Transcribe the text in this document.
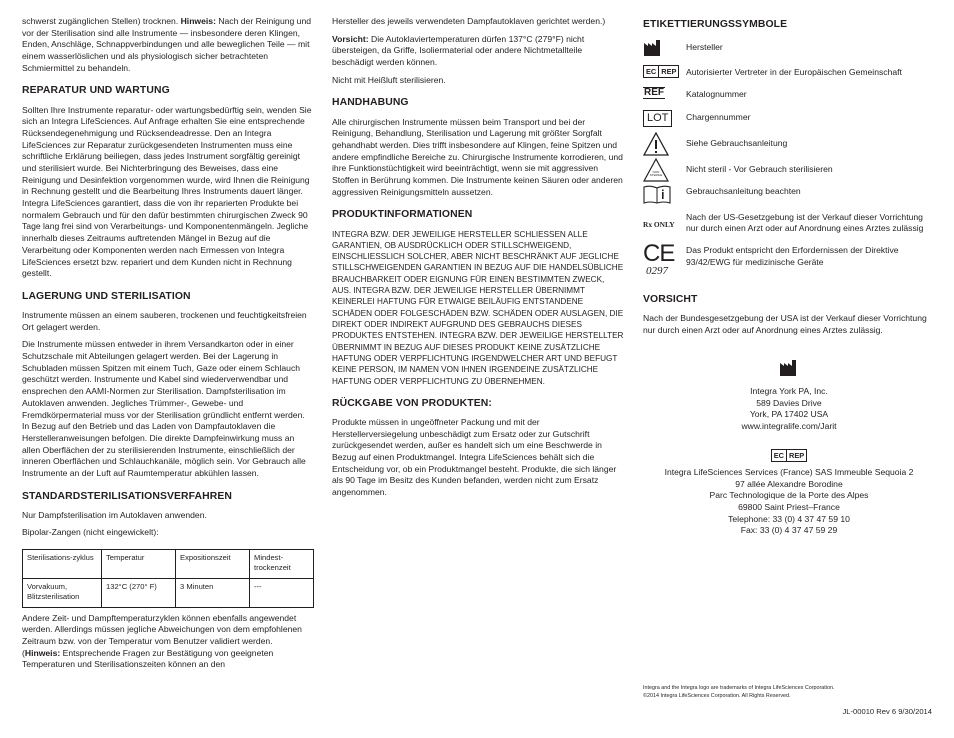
schwerst zugänglichen Stellen) trocknen. Hinweis: Nach der Reinigung und vor der Sterilisation sind alle Instrumente — insbesondere deren Klingen, Enden, Anschläge, Schnappverbindungen und alle beweglichen Teile — mit einem wasserlöslichen und als physiologisch sicher betrachteten Schmiermittel zu behandeln.

REPARATUR UND WARTUNG

Sollten Ihre Instrumente reparatur- oder wartungsbedürftig sein, wenden Sie sich an Integra LifeSciences. Auf Anfrage erhalten Sie eine entsprechende Rücksendegenehmigung und Rücksendeadresse. Den an Integra LifeSciences zur Reparatur zurückgesendeten Instrumenten muss eine schriftliche Erklärung beiliegen, dass jedes Instrument sorgfältig gereinigt und sterilisiert wurde. Bei Nichterbringung des Beweises, dass eine Reinigung und Desinfektion vorgenommen wurde, wird Ihnen die Reinigung in Rechnung gestellt und die Bearbeitung Ihres Instruments dauert länger. Integra LifeSciences garantiert, dass die von ihr reparierten Produkte bei normalem Gebrauch und für den dafür bestimmten chirurgischen Zweck 90 Tage lang frei sind von Verarbeitungs- und Komponentenmängeln. Jegliche innerhalb dieses Zeitraums auftretenden Mängel in Bezug auf die Verarbeitung oder Komponenten werden nach Ermessen von Integra LifeSciences ersetzt bzw. repariert und dem Kunden nicht in Rechnung gestellt.

LAGERUNG UND STERILISATION

Instrumente müssen an einem sauberen, trockenen und feuchtigkeitsfreien Ort gelagert werden.

Die Instrumente müssen entweder in ihrem Versandkarton oder in einer Schutzschale mit Abteilungen gelagert werden. Bei der Lagerung in Schubladen müssen Spitzen mit einem Tuch, Gaze oder einem Schlauch geschützt werden. Instrumente und Kabel sind wiederverwendbar und ensprechen den AAMI-Normen zur Sterilisation. Dampfsterilisation im Autoklaven anwenden. Jegliches Trümmer-, Gewebe- und Fremdkörpermaterial muss vor der Sterilisation gründlicht entfernt werden. In Bezug auf den Betrieb und das Laden von Dampfautoklaven die Herstelleranweisungen befolgen. Die direkte Dampfeinwirkung muss an allen Oberflächen der zu sterilisierenden Instrumente, einschließlich der inneren Oberflächen und Schlauchkanäle, möglich sein. Vor Gebrauch alle Instrumente an der Luft auf Raumtemperatur abkühlen lassen.

STANDARDSTERILISATIONSVERFAHREN

Nur Dampfsterilisation im Autoklaven anwenden.

Bipolar-Zangen (nicht eingewickelt):

Sterilisations-zyklus	Temperatur	Expositionszeit	Mindest-trockenzeit
Vorvakuum, Blitzsterilisation	132°C (270° F)	3 Minuten	---

Andere Zeit- und Dampftemperaturzyklen können ebenfalls angewendet werden. Allerdings müssen jegliche Abweichungen von dem empfohlenen Zeitraum bzw. von der Temperatur vom Benutzer validiert werden. (Hinweis: Entsprechende Fragen zur Bestätigung von geeigneten Temperaturen und Sterilisationszeiten können an den

Hersteller des jeweils verwendeten Dampfautoklaven gerichtet werden.)

Vorsicht: Die Autoklaviertemperaturen dürfen 137°C (279°F) nicht übersteigen, da Griffe, Isoliermaterial oder andere Nichtmetallteile beschädigt werden können.

Nicht mit Heißluft sterilisieren.

HANDHABUNG

Alle chirurgischen Instrumente müssen beim Transport und bei der Reinigung, Behandlung, Sterilisation und Lagerung mit größter Sorgfalt gehandhabt werden. Dies trifft insbesondere auf Klingen, feine Spitzen und andere empfindliche Bereiche zu. Chirurgische Instrumente korrodieren, und ihre Funktionstüchtigkeit wird beeinträchtigt, wenn sie mit aggressiven Stoffen in Berührung kommen. Die Instrumente keinen Säuren oder anderen aggressiven Reinigungsmitteln aussetzen.

PRODUKTINFORMATIONEN

INTEGRA BZW. DER JEWEILIGE HERSTELLER SCHLIESSEN ALLE GARANTIEN, OB AUSDRÜCKLICH ODER STILLSCHWEIGEND, EINSCHLIESSLICH SOLCHER, ABER NICHT BESCHRÄNKT AUF JEGLICHE STILLSCHWEIGENDEN GARANTIEN IN BEZUG AUF DIE HANDELSÜBLICHE BRAUCHBARKEIT ODER EIGNUNG FÜR EINEN BESTIMMTEN ZWECK, AUS. INTEGRA BZW. DER JEWEILIGE HERSTELLER ÜBERNIMMT KEINERLEI HAFTUNG FÜR ETWAIGE BEILÄUFIG ENTSTANDENE SCHÄDEN ODER FOLGESCHÄDEN BZW. SCHÄDEN ODER AUSLAGEN, DIE DIREKT ODER INDIREKT AUFGRUND DES GEBRAUCHS DIESES PRODUKTES ENTSTEHEN. INTEGRA BZW. DER JEWEILIGE HERSTELLTER ÜBERNIMMT IN BEZUG AUF DIESES PRODUKT KEINE ZUSÄTZLICHE HAFTUNG ODER VERPFLICHTUNG IRGENDWELCHER ART UND BEFUGT KEINE PERSON, IM NAMEN VON IHNEN IRGENDEINE ZUSÄTZLICHE HAFTUNG ODER VERPFLICHTUNG ZU ÜBERNEHMEN.

RÜCKGABE VON PRODUKTEN:

Produkte müssen in ungeöffneter Packung und mit der Herstellerversiegelung unbeschädigt zum Ersatz oder zur Gutschrift zurückgesendet werden, außer es handelt sich um eine Beschwerde in Bezug auf einen Produktmangel. Integra LifeSciences behält sich die Entscheidung vor, ob ein Produktmangel besteht. Produkte, die sich länger als 90 Tage im Besitz des Kunden befanden, werden nicht zum Ersatz angenommen.

ETIKETTIERUNGSSYMBOLE
Hersteller
EC REP	Autorisierter Vertreter in der Europäischen Gemeinschaft
REF	Katalognummer
LOT	Chargennummer
Siehe Gebrauchsanleitung
NON STERILE
Nicht steril - Vor Gebrauch sterilisieren
Gebrauchsanleitung beachten
Rx ONLY
Nach der US-Gesetzgebung ist der Verkauf dieser Vorrichtung nur durch einen Arzt oder auf Anordnung eines Arztes zulässig
CE
0297
Das Produkt entspricht den Erfordernissen der Direktive 93/42/EWG für medizinische Geräte
VORSICHT

Nach der Bundesgesetzgebung der USA ist der Verkauf dieser Vorrichtung nur durch einen Arzt oder auf Anordnung eines Arztes zulässig.

Integra York PA, Inc.

589 Davies Drive

York, PA 17402 USA

www.integralife.com/Jarit

EC REP

Integra LifeSciences Services (France) SAS Immeuble Sequoia 2

97 allée Alexandre Borodine

Parc Technologique de la Porte des Alpes

69800 Saint Priest–France

Telephone: 33 (0) 4 37 47 59 10

Fax: 33 (0) 4 37 47 59 29

Integra and the Integra logo are trademarks of Integra LifeSciences Corporation.

©2014 Integra LifeSciences Corporation. All Rights Reserved.

JL-00010 Rev 6 9/30/2014
